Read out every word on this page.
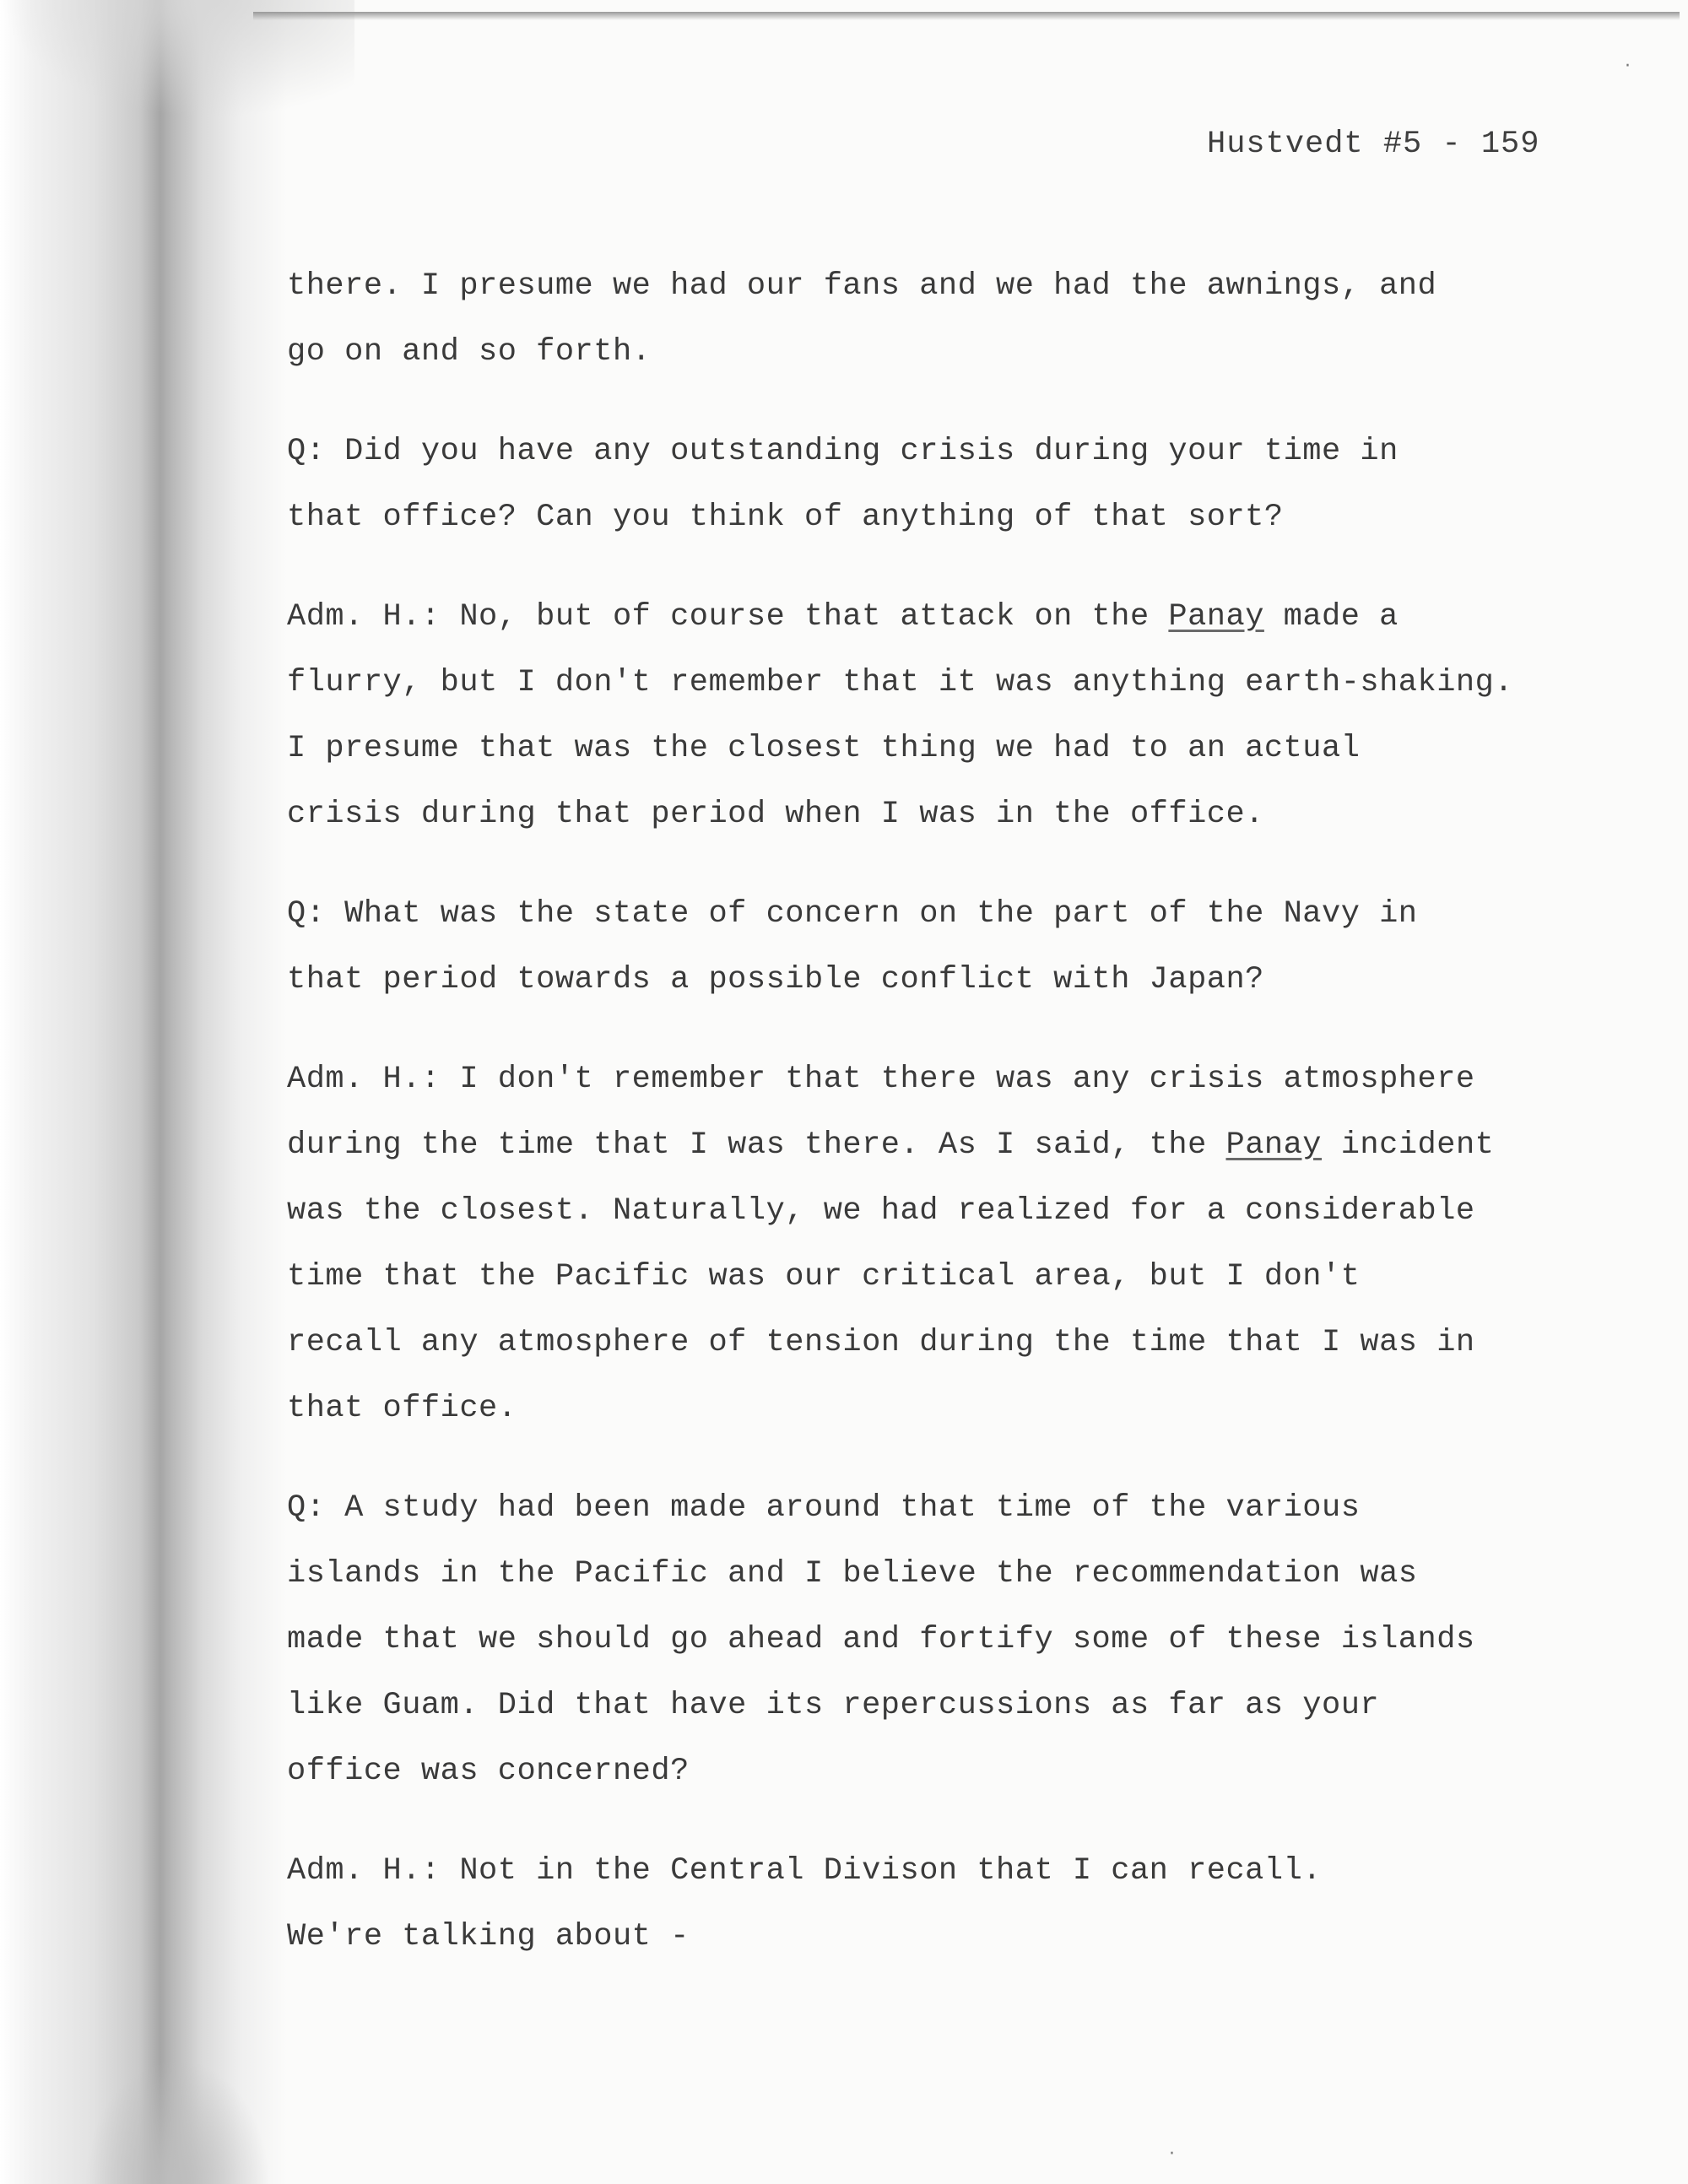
Hustvedt #5 - 159
there. I presume we had our fans and we had the awnings, and
go on and so forth.
Q: Did you have any outstanding crisis during your time in
that office? Can you think of anything of that sort?
Adm. H.: No, but of course that attack on the Panay made a
flurry, but I don't remember that it was anything earth-shaking.
I presume that was the closest thing we had to an actual
crisis during that period when I was in the office.
Q: What was the state of concern on the part of the Navy in
that period towards a possible conflict with Japan?
Adm. H.: I don't remember that there was any crisis atmosphere
during the time that I was there. As I said, the Panay incident
was the closest. Naturally, we had realized for a considerable
time that the Pacific was our critical area, but I don't
recall any atmosphere of tension during the time that I was in
that office.
Q: A study had been made around that time of the various
islands in the Pacific and I believe the recommendation was
made that we should go ahead and fortify some of these islands
like Guam. Did that have its repercussions as far as your
office was concerned?
Adm. H.: Not in the Central Divison that I can recall.
We're talking about -
·
·
